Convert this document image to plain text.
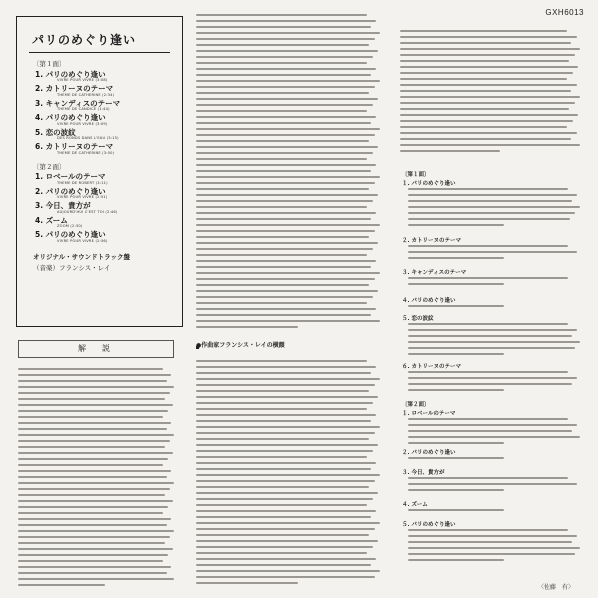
GXH6013
パリのめぐり逢い
〔第１面〕
1. パリのめぐり逢い
VIVRE POUR VIVRE (3:08)
2. カトリーヌのテーマ
THEME DE CATHERINE (2:34)
3. キャンディスのテーマ
THEME DE CANDICE (1:44)
4. パリのめぐり逢い
VIVRE POUR VIVRE (3:09)
5. 恋の波紋
DES RONDS DANS L'EAU (3:15)
6. カトリーヌのテーマ
THEME DE CATHERINE (3:00)
〔第２面〕
1. ロベールのテーマ
THEME DE ROBERT (3:11)
2. パリのめぐり逢い
VIVRE POUR VIVRE (2:51)
3. 今日、貴方が
AUJOURD'HUI C'EST TOI (2:46)
4. ズーム
ZOOM (2:30)
5. パリのめぐり逢い
VIVRE POUR VIVRE (2:56)
オリジナル・サウンドトラック盤
（音楽）フランシス・レイ
解　説	●作曲家フランシス・レイの横顔
〔第１面〕
１. パリのめぐり逢い
２. カトリーヌのテーマ
３. キャンディスのテーマ
４. パリのめぐり逢い
５. 恋の波紋
６. カトリーヌのテーマ
〔第２面〕
１. ロベールのテーマ
２. パリのめぐり逢い
３. 今日、貴方が
４. ズーム
５. パリのめぐり逢い
〈佐藤　有〉
